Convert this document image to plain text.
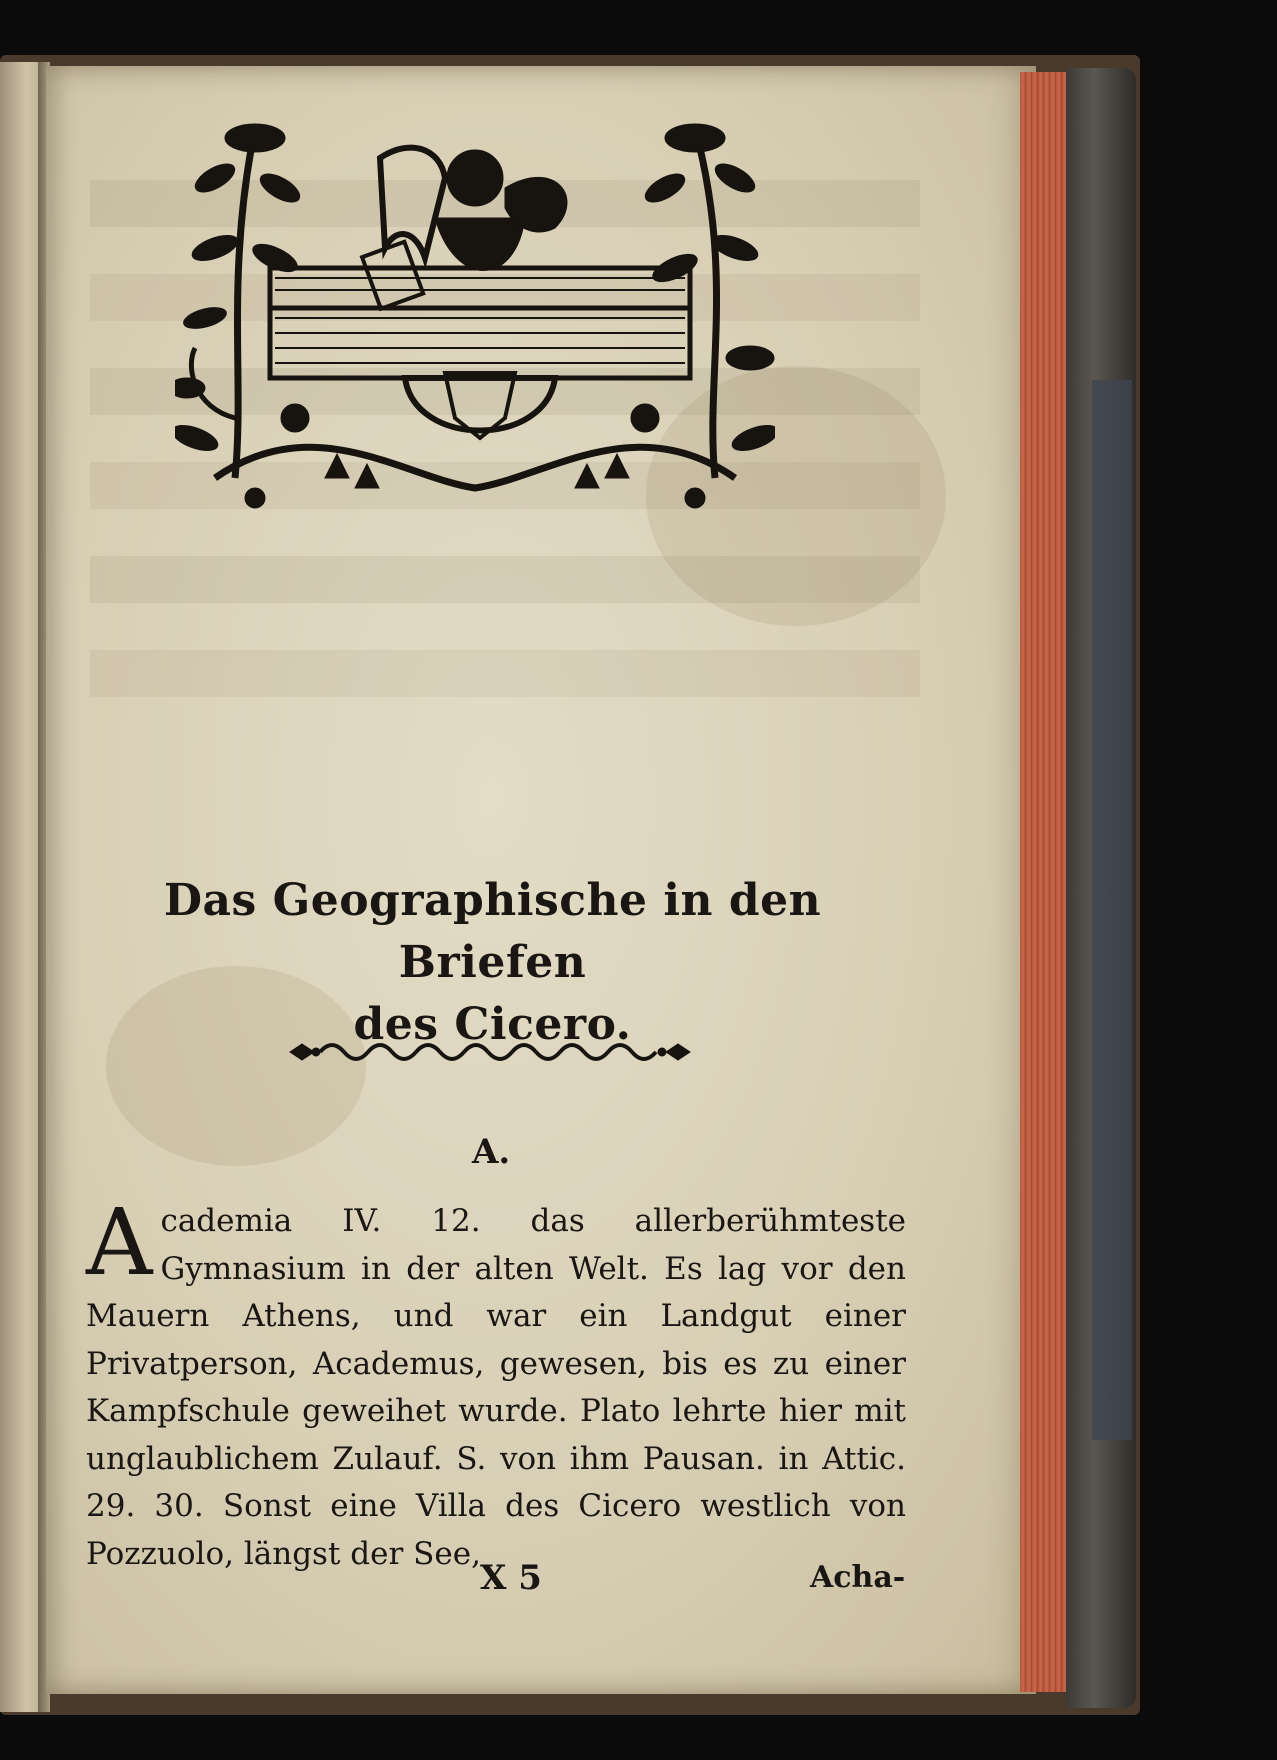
Das Geographische in den Briefen
des Cicero.
A.
Academia IV. 12. das allerberühmteste Gymnasium in der alten Welt. Es lag vor den Mauern Athens, und war ein Landgut einer Privatperson, Academus, gewesen, bis es zu einer Kampfschule geweihet wurde. Plato lehrte hier mit unglaublichem Zulauf. S. von ihm Pausan. in Attic. 29. 30. Sonst eine Villa des Cicero westlich von Pozzuolo, längst der See,
X 5	Acha-
